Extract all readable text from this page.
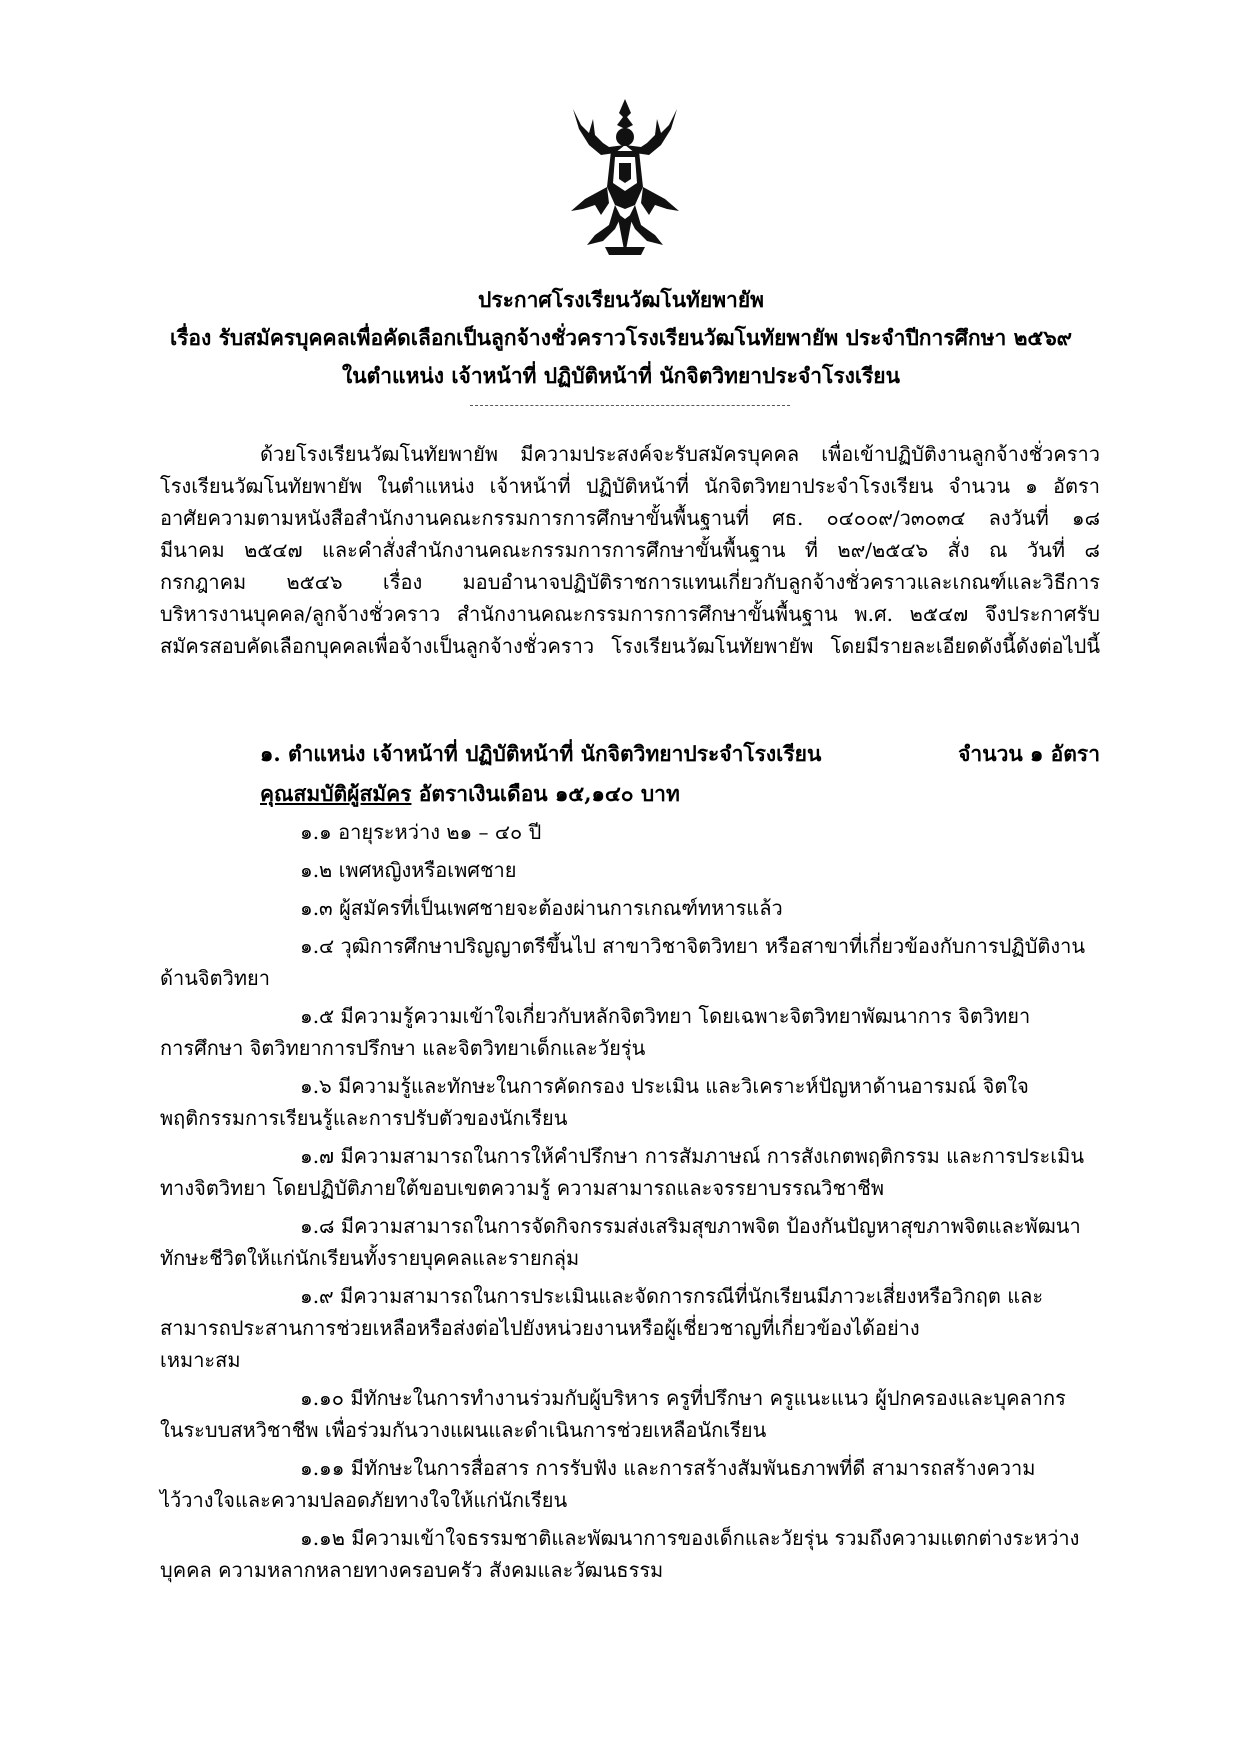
ประกาศโรงเรียนวัฒโนทัยพายัพ
เรื่อง รับสมัครบุคคลเพื่อคัดเลือกเป็นลูกจ้างชั่วคราวโรงเรียนวัฒโนทัยพายัพ ประจำปีการศึกษา ๒๕๖๙
ในตำแหน่ง เจ้าหน้าที่ ปฏิบัติหน้าที่ นักจิตวิทยาประจำโรงเรียน
ด้วยโรงเรียนวัฒโนทัยพายัพ มีความประสงค์จะรับสมัครบุคคล เพื่อเข้าปฏิบัติงานลูกจ้างชั่วคราว
โรงเรียนวัฒโนทัยพายัพ ในตำแหน่ง เจ้าหน้าที่ ปฏิบัติหน้าที่ นักจิตวิทยาประจำโรงเรียน จำนวน ๑ อัตรา
อาศัยความตามหนังสือสำนักงานคณะกรรมการการศึกษาขั้นพื้นฐานที่ ศธ. ๐๔๐๐๙/ว๓๐๓๔ ลงวันที่ ๑๘
มีนาคม ๒๕๔๗ และคำสั่งสำนักงานคณะกรรมการการศึกษาขั้นพื้นฐาน ที่ ๒๙/๒๕๔๖ สั่ง ณ วันที่ ๘
กรกฎาคม ๒๕๔๖ เรื่อง มอบอำนาจปฏิบัติราชการแทนเกี่ยวกับลูกจ้างชั่วคราวและเกณฑ์และวิธีการ
บริหารงานบุคคล/ลูกจ้างชั่วคราว สำนักงานคณะกรรมการการศึกษาขั้นพื้นฐาน พ.ศ. ๒๕๔๗ จึงประกาศรับ
สมัครสอบคัดเลือกบุคคลเพื่อจ้างเป็นลูกจ้างชั่วคราว โรงเรียนวัฒโนทัยพายัพ โดยมีรายละเอียดดังนี้ดังต่อไปนี้
๑. ตำแหน่ง เจ้าหน้าที่ ปฏิบัติหน้าที่ นักจิตวิทยาประจำโรงเรียน	จำนวน ๑ อัตรา
คุณสมบัติผู้สมัคร อัตราเงินเดือน ๑๕,๑๔๐ บาท
๑.๑ อายุระหว่าง ๒๑ – ๔๐ ปี
๑.๒ เพศหญิงหรือเพศชาย
๑.๓ ผู้สมัครที่เป็นเพศชายจะต้องผ่านการเกณฑ์ทหารแล้ว
๑.๔ วุฒิการศึกษาปริญญาตรีขึ้นไป สาขาวิชาจิตวิทยา หรือสาขาที่เกี่ยวข้องกับการปฏิบัติงาน
ด้านจิตวิทยา
๑.๕ มีความรู้ความเข้าใจเกี่ยวกับหลักจิตวิทยา โดยเฉพาะจิตวิทยาพัฒนาการ จิตวิทยา
การศึกษา จิตวิทยาการปรึกษา และจิตวิทยาเด็กและวัยรุ่น
๑.๖ มีความรู้และทักษะในการคัดกรอง ประเมิน และวิเคราะห์ปัญหาด้านอารมณ์ จิตใจ
พฤติกรรมการเรียนรู้และการปรับตัวของนักเรียน
๑.๗ มีความสามารถในการให้คำปรึกษา การสัมภาษณ์ การสังเกตพฤติกรรม และการประเมิน
ทางจิตวิทยา โดยปฏิบัติภายใต้ขอบเขตความรู้ ความสามารถและจรรยาบรรณวิชาชีพ
๑.๘ มีความสามารถในการจัดกิจกรรมส่งเสริมสุขภาพจิต ป้องกันปัญหาสุขภาพจิตและพัฒนา
ทักษะชีวิตให้แก่นักเรียนทั้งรายบุคคลและรายกลุ่ม
๑.๙ มีความสามารถในการประเมินและจัดการกรณีที่นักเรียนมีภาวะเสี่ยงหรือวิกฤต และ
สามารถประสานการช่วยเหลือหรือส่งต่อไปยังหน่วยงานหรือผู้เชี่ยวชาญที่เกี่ยวข้องได้อย่าง
เหมาะสม
๑.๑๐ มีทักษะในการทำงานร่วมกับผู้บริหาร ครูที่ปรึกษา ครูแนะแนว ผู้ปกครองและบุคลากร
ในระบบสหวิชาชีพ เพื่อร่วมกันวางแผนและดำเนินการช่วยเหลือนักเรียน
๑.๑๑ มีทักษะในการสื่อสาร การรับฟัง และการสร้างสัมพันธภาพที่ดี สามารถสร้างความ
ไว้วางใจและความปลอดภัยทางใจให้แก่นักเรียน
๑.๑๒ มีความเข้าใจธรรมชาติและพัฒนาการของเด็กและวัยรุ่น รวมถึงความแตกต่างระหว่าง
บุคคล ความหลากหลายทางครอบครัว สังคมและวัฒนธรรม
